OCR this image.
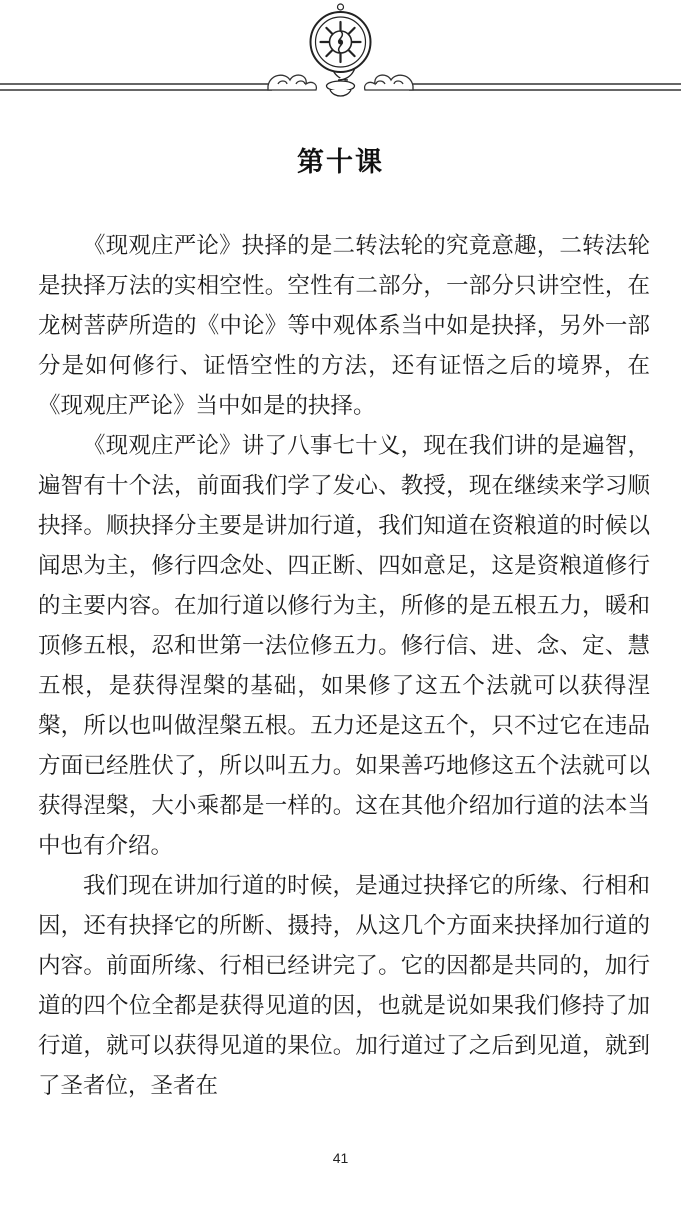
第十课

《现观庄严论》抉择的是二转法轮的究竟意趣，二转法轮是抉择万法的实相空性。空性有二部分，一部分只讲空性，在龙树菩萨所造的《中论》等中观体系当中如是抉择，另外一部分是如何修行、证悟空性的方法，还有证悟之后的境界，在《现观庄严论》当中如是的抉择。

《现观庄严论》讲了八事七十义，现在我们讲的是遍智，遍智有十个法，前面我们学了发心、教授，现在继续来学习顺抉择。顺抉择分主要是讲加行道，我们知道在资粮道的时候以闻思为主，修行四念处、四正断、四如意足，这是资粮道修行的主要内容。在加行道以修行为主，所修的是五根五力，暖和顶修五根，忍和世第一法位修五力。修行信、进、念、定、慧五根，是获得涅槃的基础，如果修了这五个法就可以获得涅槃，所以也叫做涅槃五根。五力还是这五个，只不过它在违品方面已经胜伏了，所以叫五力。如果善巧地修这五个法就可以获得涅槃，大小乘都是一样的。这在其他介绍加行道的法本当中也有介绍。

我们现在讲加行道的时候，是通过抉择它的所缘、行相和因，还有抉择它的所断、摄持，从这几个方面来抉择加行道的内容。前面所缘、行相已经讲完了。它的因都是共同的，加行道的四个位全都是获得见道的因，也就是说如果我们修持了加行道，就可以获得见道的果位。加行道过了之后到见道，就到了圣者位，圣者在

41
